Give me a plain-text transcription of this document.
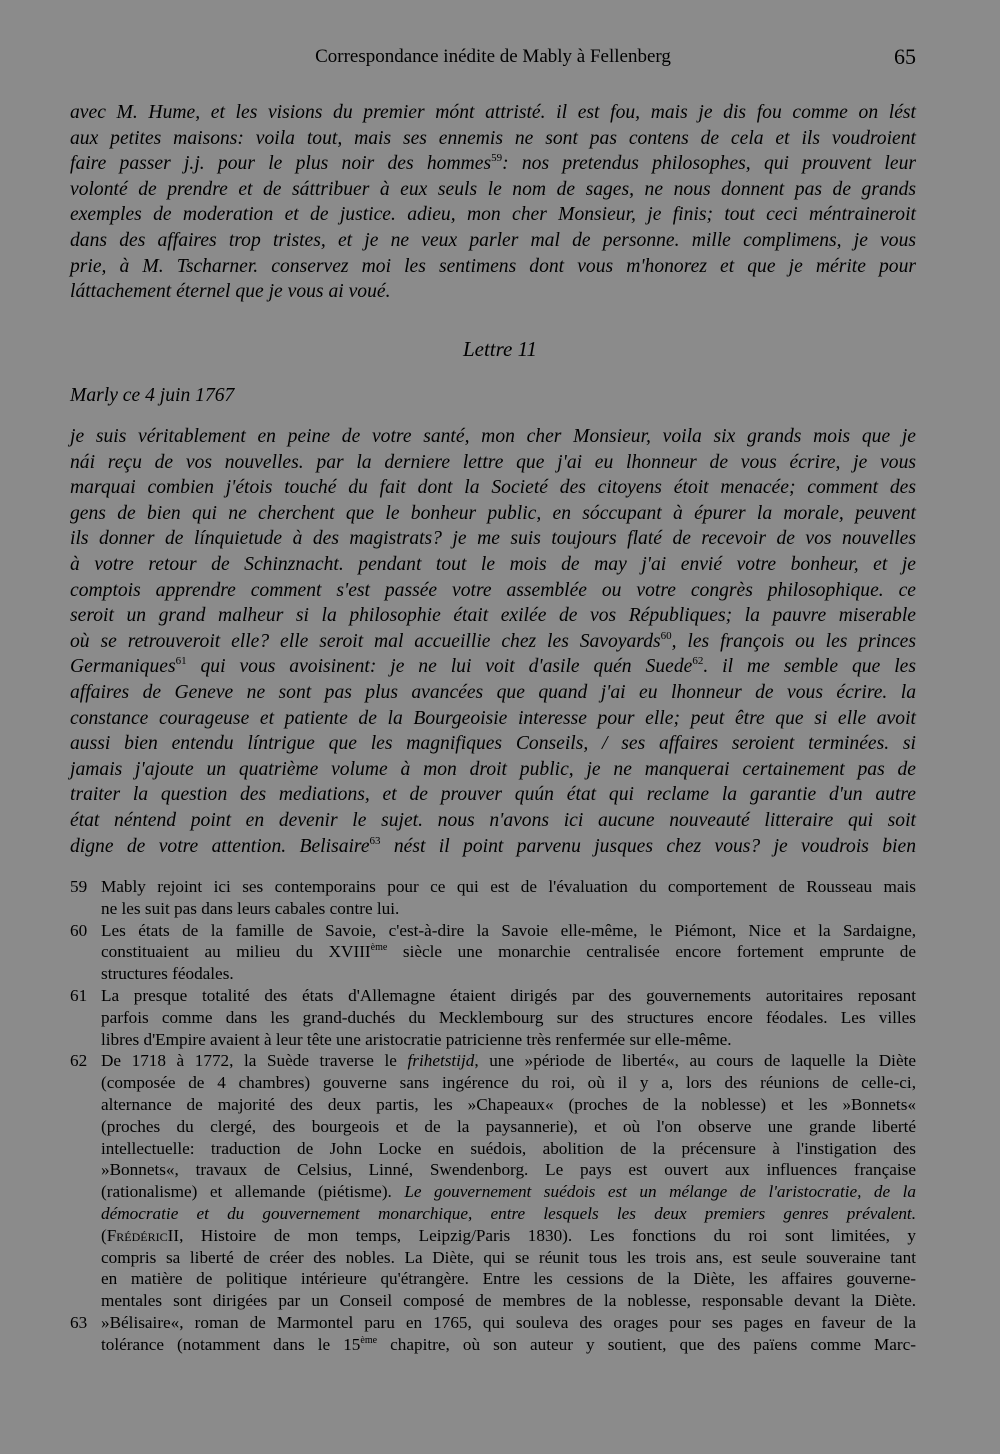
Correspondance inédite de Mably à Fellenberg	65
avec M. Hume, et les visions du premier mónt attristé. il est fou, mais je dis fou comme on lést
aux petites maisons: voila tout, mais ses ennemis ne sont pas contens de cela et ils voudroient
faire passer j.j. pour le plus noir des hommes$^{59}$: nos pretendus philosophes, qui prouvent leur
volonté de prendre et de sáttribuer à eux seuls le nom de sages, ne nous donnent pas de grands
exemples de moderation et de justice. adieu, mon cher Monsieur, je finis; tout ceci méntraineroit
dans des affaires trop tristes, et je ne veux parler mal de personne. mille complimens, je vous
prie, à M. Tscharner. conservez moi les sentimens dont vous m'honorez et que je mérite pour
láttachement éternel que je vous ai voué.
Lettre 11
Marly ce 4 juin 1767
je suis véritablement en peine de votre santé, mon cher Monsieur, voila six grands mois que je
nái reçu de vos nouvelles. par la derniere lettre que j'ai eu lhonneur de vous écrire, je vous
marquai combien j'étois touché du fait dont la Societé des citoyens étoit menacée; comment des
gens de bien qui ne cherchent que le bonheur public, en sóccupant à épurer la morale, peuvent
ils donner de línquietude à des magistrats? je me suis toujours flaté de recevoir de vos nouvelles
à votre retour de Schinznacht. pendant tout le mois de may j'ai envié votre bonheur, et je
comptois apprendre comment s'est passée votre assemblée ou votre congrès philosophique. ce
seroit un grand malheur si la philosophie était exilée de vos Républiques; la pauvre miserable
où se retrouveroit elle? elle seroit mal accueillie chez les Savoyards$^{60}$, les françois ou les princes
Germaniques$^{61}$ qui vous avoisinent: je ne lui voit d'asile quén Suede$^{62}$. il me semble que les
affaires de Geneve ne sont pas plus avancées que quand j'ai eu lhonneur de vous écrire. la
constance courageuse et patiente de la Bourgeoisie interesse pour elle; peut être que si elle avoit
aussi bien entendu líntrigue que les magnifiques Conseils, / ses affaires seroient terminées. si
jamais j'ajoute un quatrième volume à mon droit public, je ne manquerai certainement pas de
traiter la question des mediations, et de prouver quún état qui reclame la garantie d'un autre
état néntend point en devenir le sujet. nous n'avons ici aucune nouveauté litteraire qui soit
digne de votre attention. Belisaire$^{63}$ nést il point parvenu jusques chez vous? je voudrois bien
59 Mably rejoint ici ses contemporains pour ce qui est de l'évaluation du comportement de Rousseau mais
ne les suit pas dans leurs cabales contre lui.
60 Les états de la famille de Savoie, c'est-à-dire la Savoie elle-même, le Piémont, Nice et la Sardaigne,
constituaient au milieu du XVIIIème siècle une monarchie centralisée encore fortement emprunte de
structures féodales.
61 La presque totalité des états d'Allemagne étaient dirigés par des gouvernements autoritaires reposant
parfois comme dans les grand-duchés du Mecklembourg sur des structures encore féodales. Les villes
libres d'Empire avaient à leur tête une aristocratie patricienne très renfermée sur elle-même.
62 De 1718 à 1772, la Suède traverse le frihetstijd, une »période de liberté«, au cours de laquelle la Diète
(composée de 4 chambres) gouverne sans ingérence du roi, où il y a, lors des réunions de celle-ci,
alternance de majorité des deux partis, les »Chapeaux« (proches de la noblesse) et les »Bonnets«
(proches du clergé, des bourgeois et de la paysannerie), et où l'on observe une grande liberté
intellectuelle: traduction de John Locke en suédois, abolition de la précensure à l'instigation des
»Bonnets«, travaux de Celsius, Linné, Swendenborg. Le pays est ouvert aux influences française
(rationalisme) et allemande (piétisme). Le gouvernement suédois est un mélange de l'aristocratie, de la
démocratie et du gouvernement monarchique, entre lesquels les deux premiers genres prévalent.
(FrédéricII, Histoire de mon temps, Leipzig/Paris 1830). Les fonctions du roi sont limitées, y
compris sa liberté de créer des nobles. La Diète, qui se réunit tous les trois ans, est seule souveraine tant
en matière de politique intérieure qu'étrangère. Entre les cessions de la Diète, les affaires gouverne-
mentales sont dirigées par un Conseil composé de membres de la noblesse, responsable devant la Diète.
63 »Bélisaire«, roman de Marmontel paru en 1765, qui souleva des orages pour ses pages en faveur de la
tolérance (notamment dans le 15ème chapitre, où son auteur y soutient, que des païens comme Marc-
